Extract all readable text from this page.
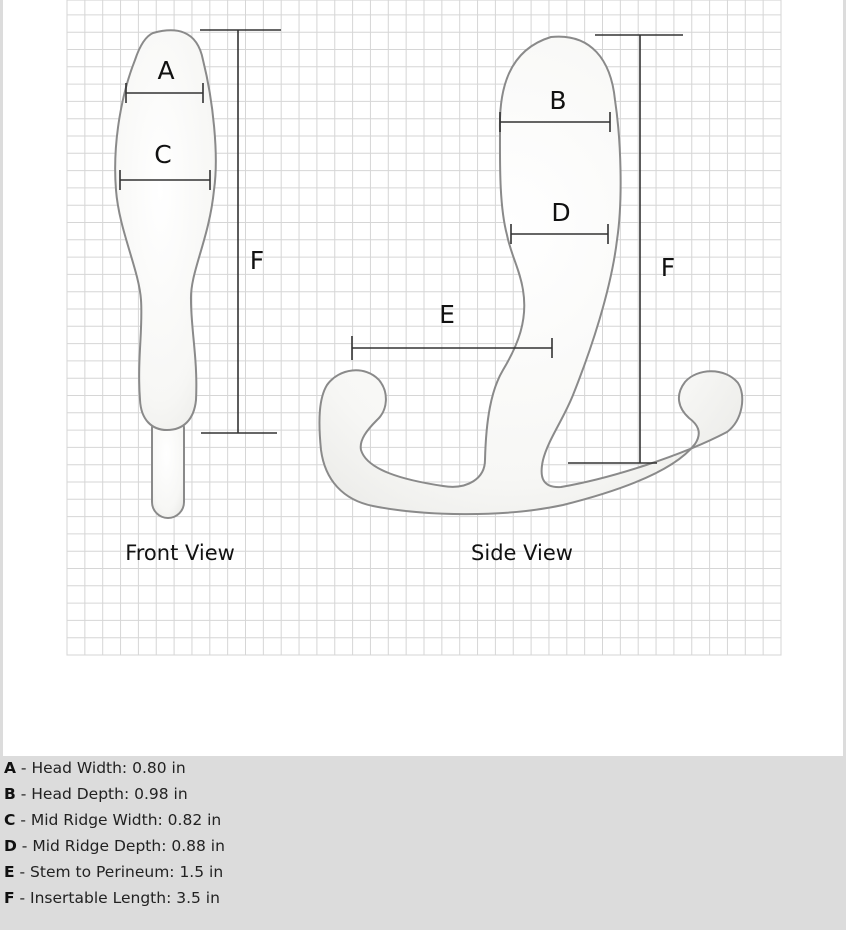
A
C
F
B
D
E
F
Front View	Side View
A - Head Width: 0.80 in
B - Head Depth: 0.98 in
C - Mid Ridge Width: 0.82 in
D - Mid Ridge Depth: 0.88 in
E - Stem to Perineum: 1.5 in
F - Insertable Length: 3.5 in
